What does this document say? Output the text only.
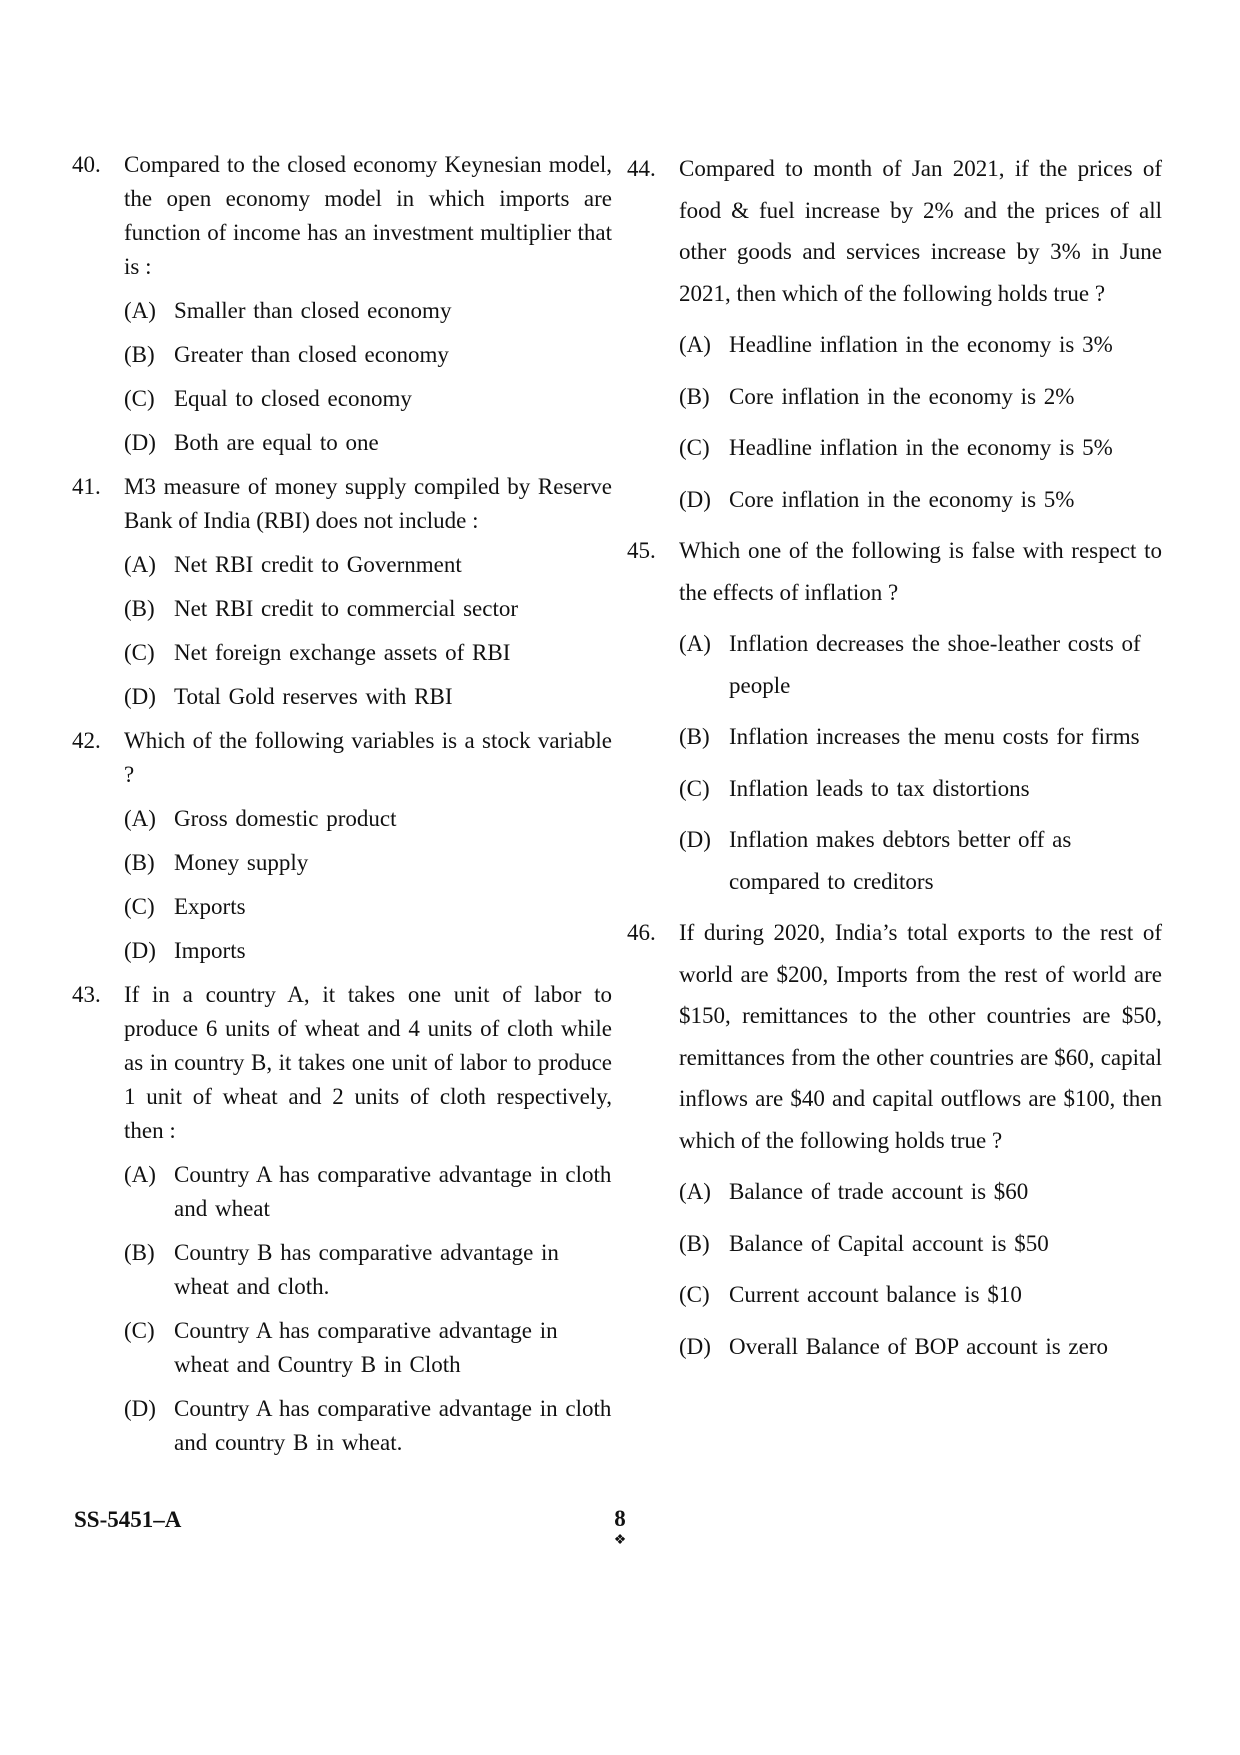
40. Compared to the closed economy Keynesian model, the open economy model in which imports are function of income has an investment multiplier that is :
(A) Smaller than closed economy
(B) Greater than closed economy
(C) Equal to closed economy
(D) Both are equal to one
41. M3 measure of money supply compiled by Reserve Bank of India (RBI) does not include :
(A) Net RBI credit to Government
(B) Net RBI credit to commercial sector
(C) Net foreign exchange assets of RBI
(D) Total Gold reserves with RBI
42. Which of the following variables is a stock variable ?
(A) Gross domestic product
(B) Money supply
(C) Exports
(D) Imports
43. If in a country A, it takes one unit of labor to produce 6 units of wheat and 4 units of cloth while as in country B, it takes one unit of labor to produce 1 unit of wheat and 2 units of cloth respectively, then :
(A) Country A has comparative advantage in cloth and wheat
(B) Country B has comparative advantage in wheat and cloth.
(C) Country A has comparative advantage in wheat and Country B in Cloth
(D) Country A has comparative advantage in cloth and country B in wheat.
44. Compared to month of Jan 2021, if the prices of food & fuel increase by 2% and the prices of all other goods and services increase by 3% in June 2021, then which of the following holds true ?
(A) Headline inflation in the economy is 3%
(B) Core inflation in the economy is 2%
(C) Headline inflation in the economy is 5%
(D) Core inflation in the economy is 5%
45. Which one of the following is false with respect to the effects of inflation ?
(A) Inflation decreases the shoe-leather costs of people
(B) Inflation increases the menu costs for firms
(C) Inflation leads to tax distortions
(D) Inflation makes debtors better off as compared to creditors
46. If during 2020, India’s total exports to the rest of world are $200, Imports from the rest of world are $150, remittances to the other countries are $50, remittances from the other countries are $60, capital inflows are $40 and capital outflows are $100, then which of the following holds true ?
(A) Balance of trade account is $60
(B) Balance of Capital account is $50
(C) Current account balance is $10
(D) Overall Balance of BOP account is zero
SS-5451–A	8
❖
